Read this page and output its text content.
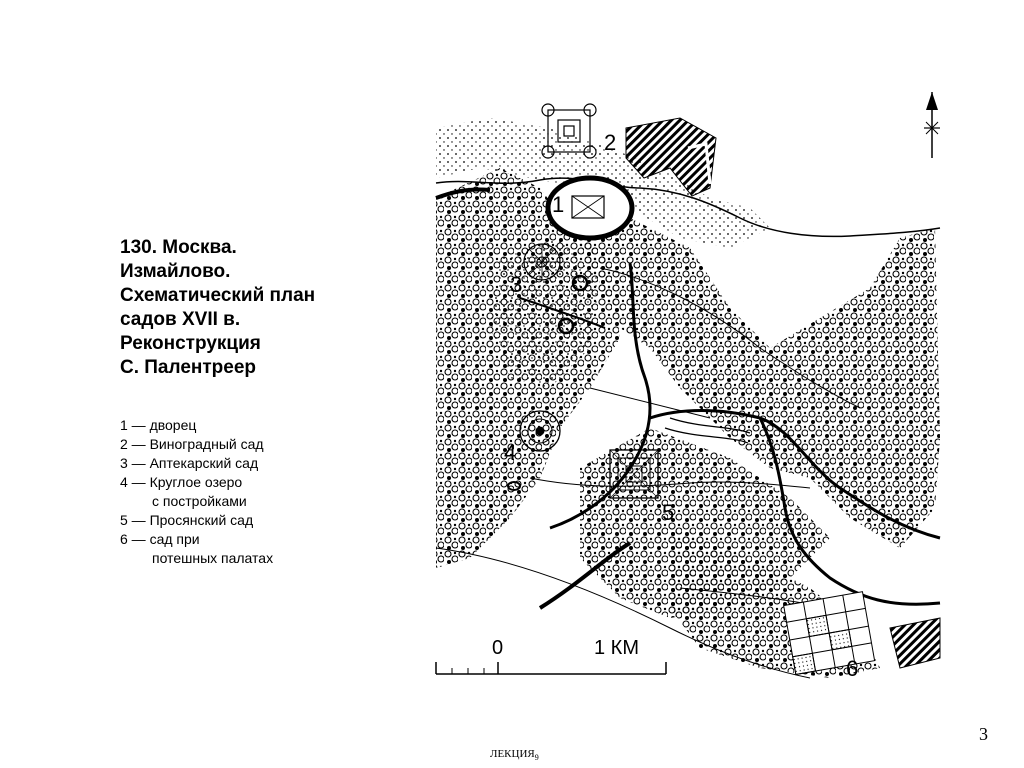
130. Москва.
Измайлово.
Схематический план
садов XVII в.
Реконструкция
С. Палентреер
1 — дворец
2 — Виноградный сад
3 — Аптекарский сад
4 — Круглое озеро
с постройками
5 — Просянский сад
6 — сад при
потешных палатах
1
2
3
4
5
6
0	1 КМ
3
$ЛЕКЦИЯ_9$
